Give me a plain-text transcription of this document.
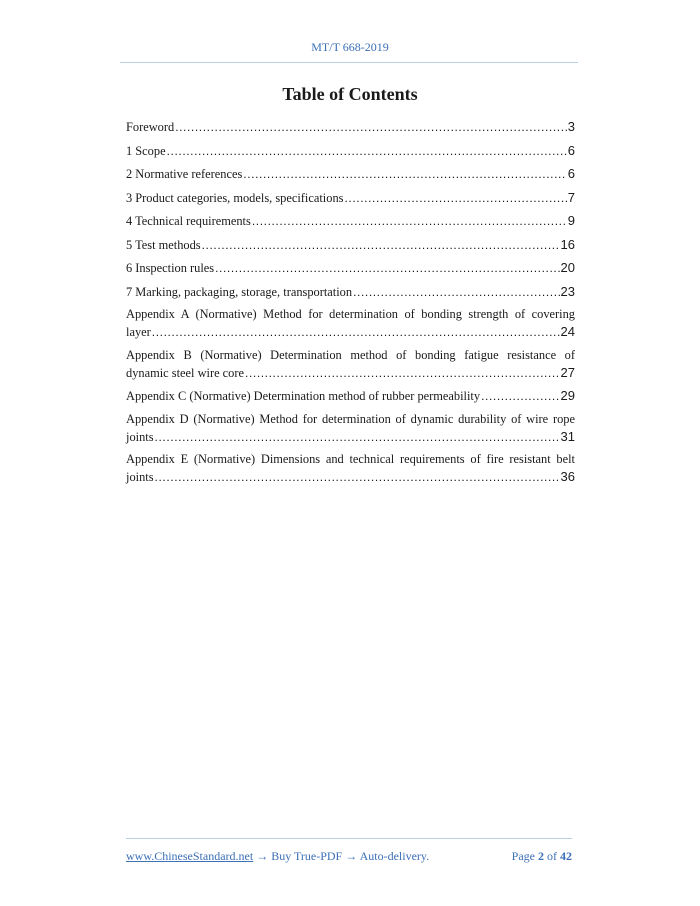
MT/T 668-2019
Table of Contents
Foreword .....	3
1 Scope .....	6
2 Normative references .....	6
3 Product categories, models, specifications .....	7
4 Technical requirements .....	9
5 Test methods .....	16
6 Inspection rules .....	20
7 Marking, packaging, storage, transportation .....	23
Appendix A (Normative) Method for determination of bonding strength of covering
layer .....	24
Appendix B (Normative) Determination method of bonding fatigue resistance of
dynamic steel wire core .....	27
Appendix C (Normative) Determination method of rubber permeability .....	29
Appendix D (Normative) Method for determination of dynamic durability of wire rope
joints .....	31
Appendix E (Normative) Dimensions and technical requirements of fire resistant belt
joints .....	36
www.ChineseStandard.net → Buy True-PDF → Auto-delivery.	Page 2 of 42
